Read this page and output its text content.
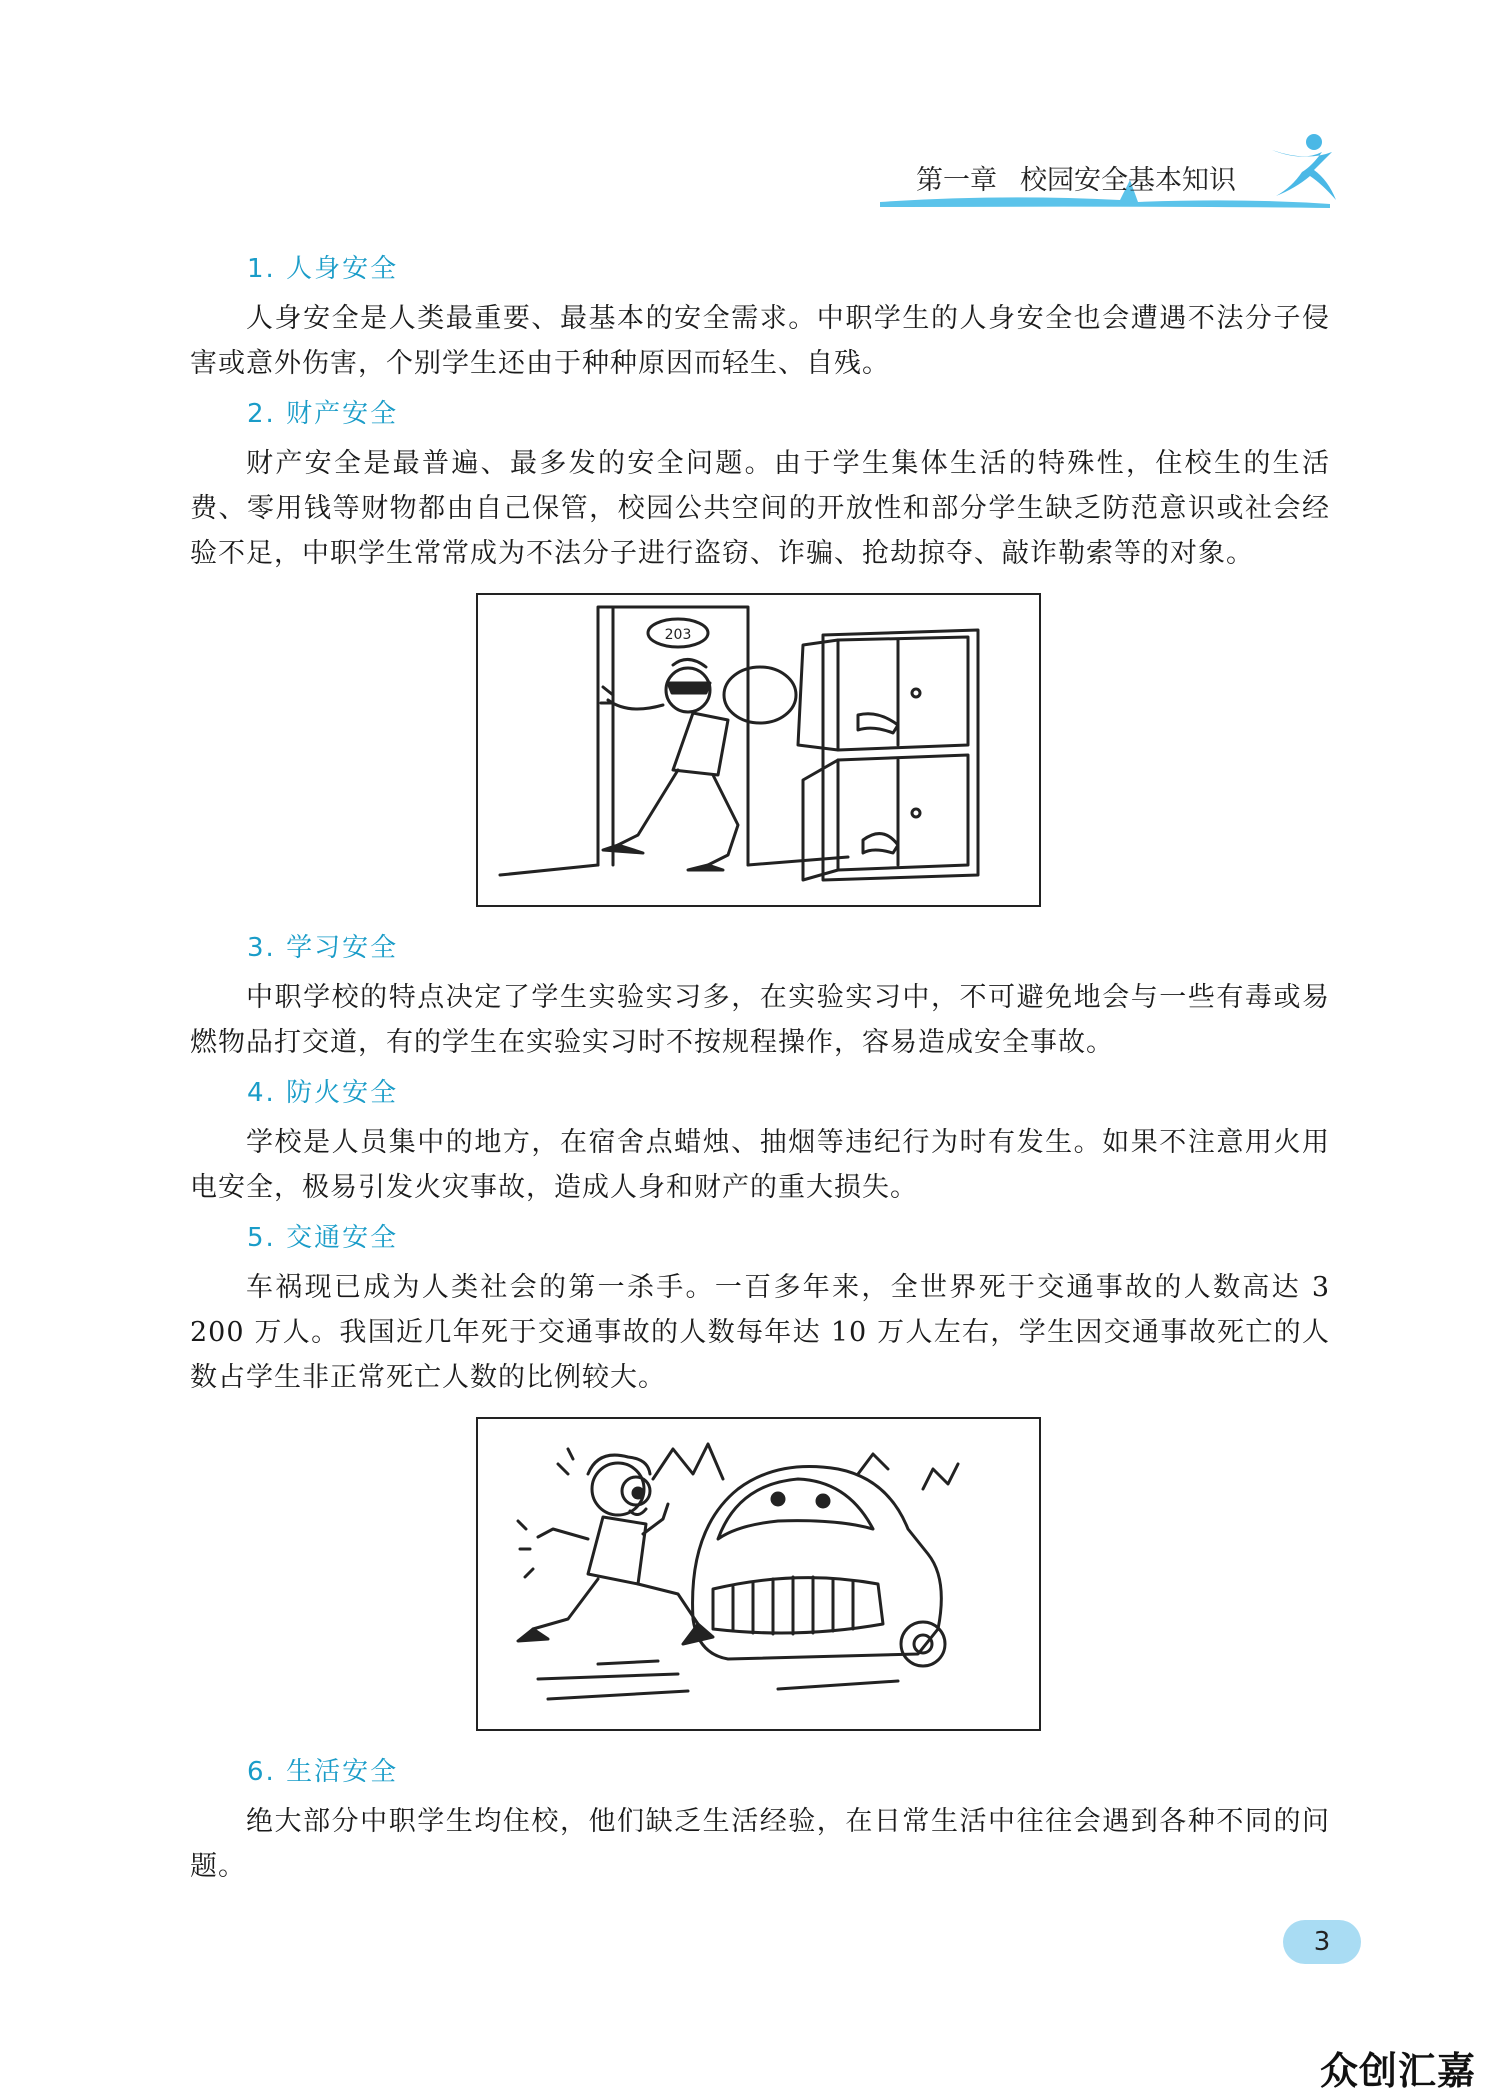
第一章 校园安全基本知识
1. 人身安全

人身安全是人类最重要、最基本的安全需求。中职学生的人身安全也会遭遇不法分子侵害或意外伤害，个别学生还由于种种原因而轻生、自残。

2. 财产安全

财产安全是最普遍、最多发的安全问题。由于学生集体生活的特殊性，住校生的生活费、零用钱等财物都由自己保管，校园公共空间的开放性和部分学生缺乏防范意识或社会经验不足，中职学生常常成为不法分子进行盗窃、诈骗、抢劫掠夺、敲诈勒索等的对象。

203
3. 学习安全

中职学校的特点决定了学生实验实习多，在实验实习中，不可避免地会与一些有毒或易燃物品打交道，有的学生在实验实习时不按规程操作，容易造成安全事故。

4. 防火安全

学校是人员集中的地方，在宿舍点蜡烛、抽烟等违纪行为时有发生。如果不注意用火用电安全，极易引发火灾事故，造成人身和财产的重大损失。

5. 交通安全

车祸现已成为人类社会的第一杀手。一百多年来，全世界死于交通事故的人数高达 3 200 万人。我国近几年死于交通事故的人数每年达 10 万人左右，学生因交通事故死亡的人数占学生非正常死亡人数的比例较大。

6. 生活安全

绝大部分中职学生均住校，他们缺乏生活经验，在日常生活中往往会遇到各种不同的问题。

3
众创汇嘉
